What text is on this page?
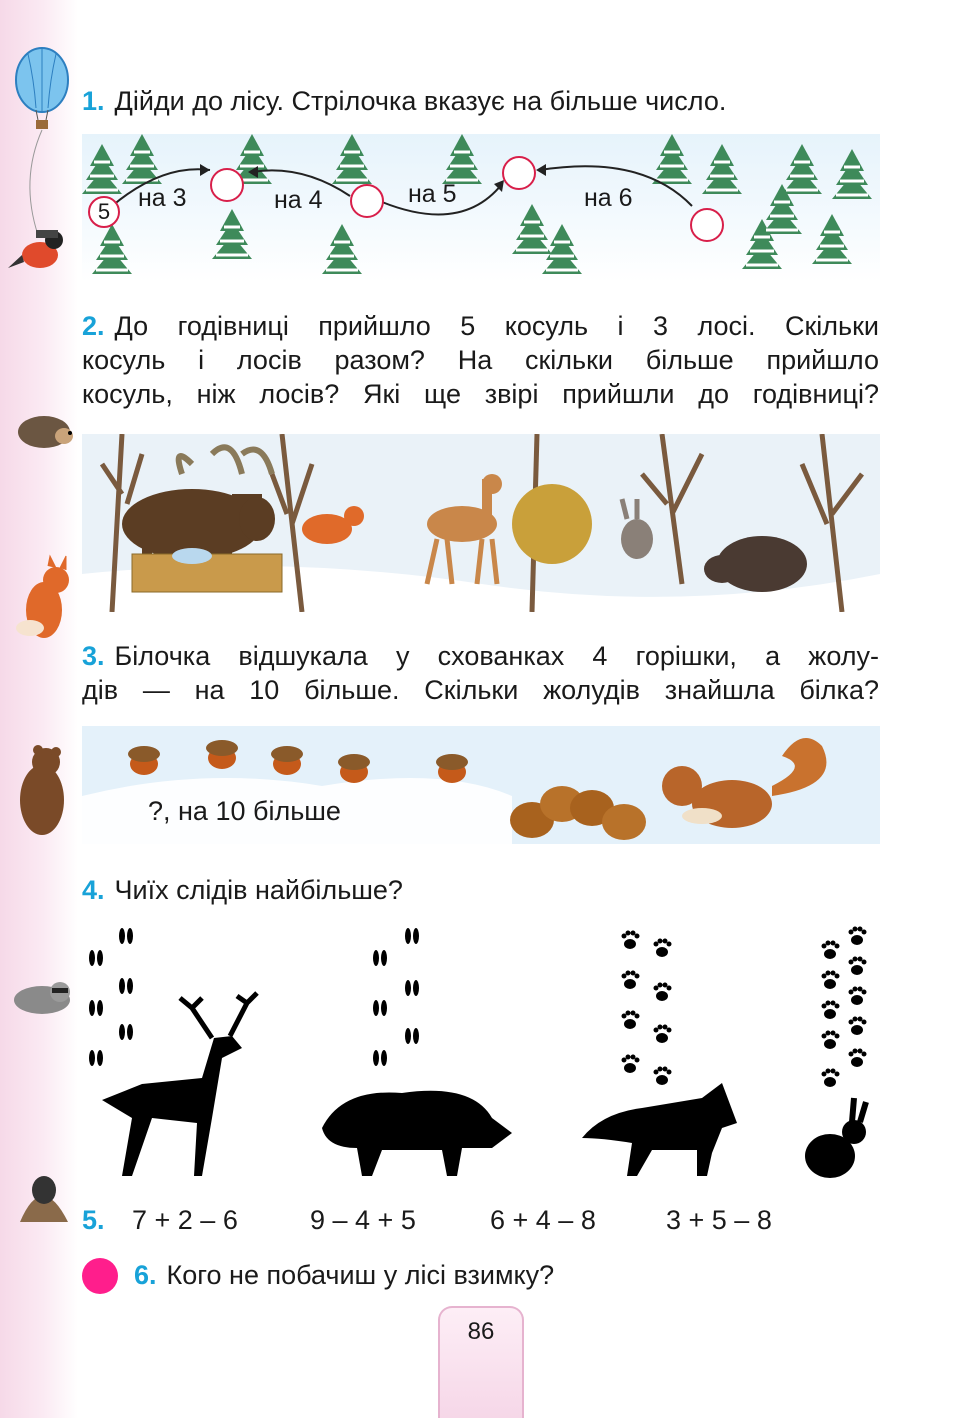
1. Дійди до лісу. Стрілочка вказує на більше число.
5	на 3	на 4	на 5	на 6
2. До годівниці прийшло 5 косуль і 3 лосі. Скільки
косуль і лосів разом? На скільки більше прийшло
косуль, ніж лосів? Які ще звірі прийшли до годівниці?
3. Білочка відшукала у схованках 4 горішки, а жолу-
дів — на 10 більше. Скільки жолудів знайшла білка?
?, на 10 більше
4. Чиїх слідів найбільше?
5.	7 + 2 – 6	9 – 4 + 5	6 + 4 – 8	3 + 5 – 8
6. Кого не побачиш у лісі взимку?
86
